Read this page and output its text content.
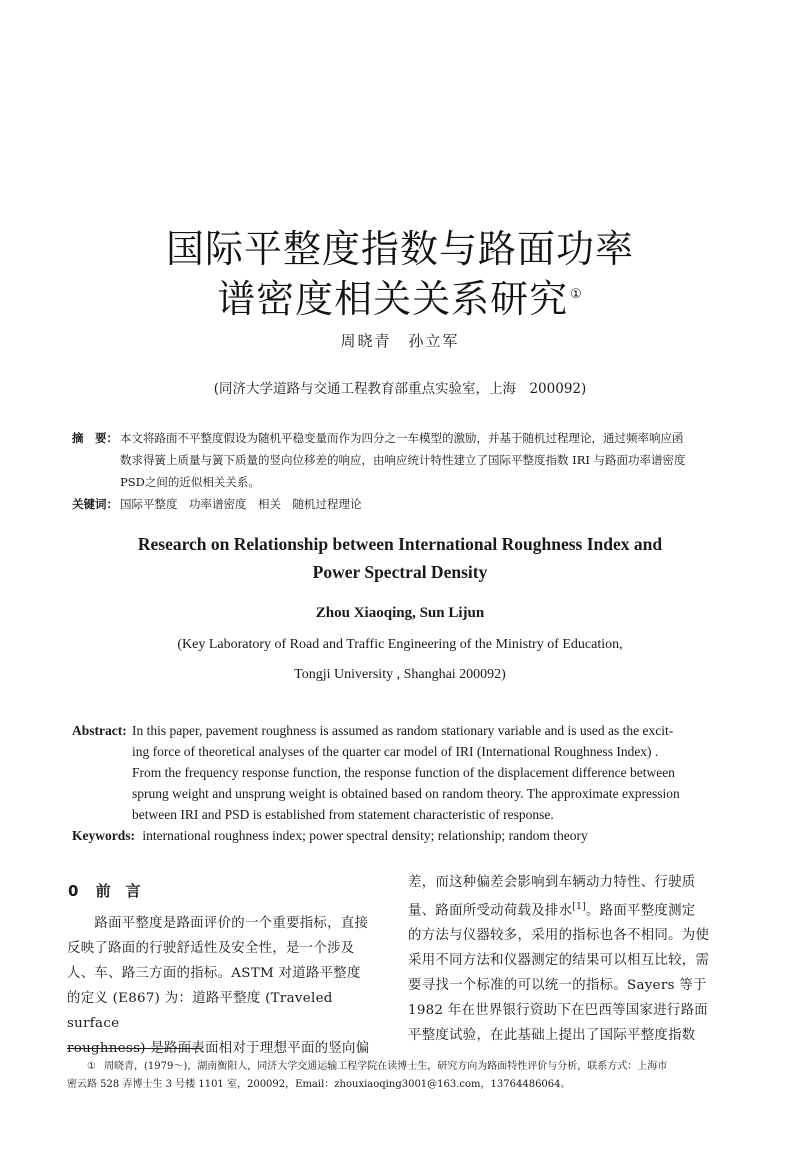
国际平整度指数与路面功率
谱密度相关关系研究 ①
周晓青　孙立军
(同济大学道路与交通工程教育部重点实验室，上海　200092)
摘　要： 本文将路面不平整度假设为随机平稳变量而作为四分之一车模型的激励，并基于随机过程理论，通过频率响应函
数求得簧上质量与簧下质量的竖向位移差的响应，由响应统计特性建立了国际平整度指数 IRI 与路面功率谱密度
PSD之间的近似相关关系。
关键词： 国际平整度　功率谱密度　相关　随机过程理论
Research on Relationship between International Roughness Index and
Power Spectral Density
Zhou Xiaoqing, Sun Lijun
(Key Laboratory of Road and Traffic Engineering of the Ministry of Education,
Tongji University , Shanghai 200092)
Abstract: In this paper, pavement roughness is assumed as random stationary variable and is used as the excit-
ing force of theoretical analyses of the quarter car model of IRI (International Roughness Index) .
From the frequency response function, the response function of the displacement difference between
sprung weight and unsprung weight is obtained based on random theory. The approximate expression
between IRI and PSD is established from statement characteristic of response.
Keywords: international roughness index; power spectral density; relationship; random theory
0 前　言

　　路面平整度是路面评价的一个重要指标，直接

反映了路面的行驶舒适性及安全性，是一个涉及

人、车、路三方面的指标。ASTM 对道路平整度

的定义 (E867) 为：道路平整度 (Traveled surface

roughness) 是路面表面相对于理想平面的竖向偏

差，而这种偏差会影响到车辆动力特性、行驶质

量、路面所受动荷载及排水[1]。路面平整度测定

的方法与仪器较多，采用的指标也各不相同。为使

采用不同方法和仪器测定的结果可以相互比较，需

要寻找一个标准的可以统一的指标。Sayers 等于

1982 年在世界银行资助下在巴西等国家进行路面

平整度试验，在此基础上提出了国际平整度指数

① 周晓青，(1979～)，湖南衡阳人，同济大学交通运输工程学院在读博士生，研究方向为路面特性评价与分析，联系方式：上海市
密云路 528 弄博士生 3 号楼 1101 室，200092，Email：zhouxiaoqing3001@163.com，13764486064。
